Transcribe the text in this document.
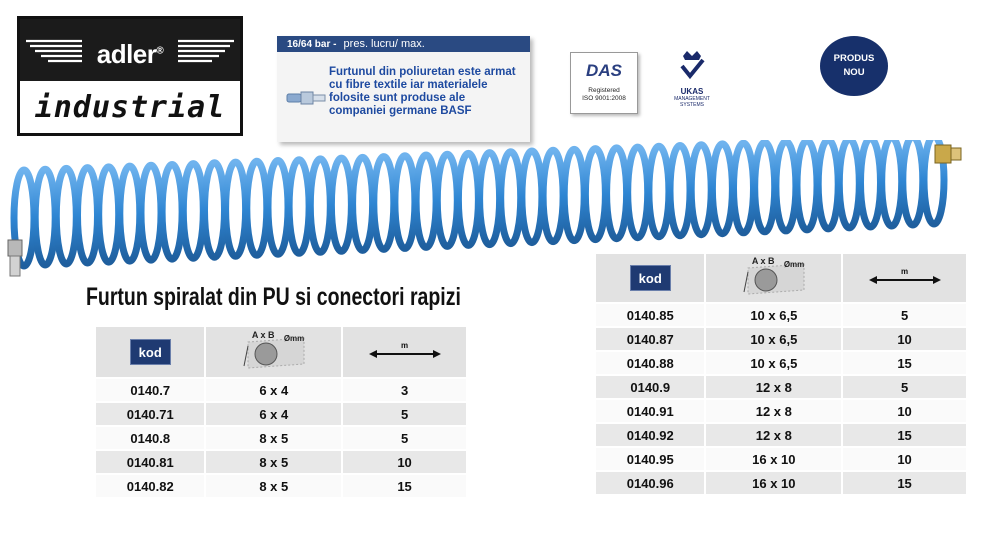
adler®
industrial
16/64 bar - pres. lucru/ max.
Furtunul din poliuretan este armat cu fibre textile iar materialele folosite sunt produse ale companiei germane BASF
DAS
Registered
ISO 9001:2008
UKAS
MANAGEMENT
SYSTEMS
PRODUS
NOU
Furtun spiralat din PU si conectori rapizi
kod	A x B Ømm	m

0140.7	6 x 4	3
0140.71	6 x 4	5
0140.8	8 x 5	5
0140.81	8 x 5	10
0140.82	8 x 5	15
kod	A x B Ømm	m

0140.85	10 x 6,5	5
0140.87	10 x 6,5	10
0140.88	10 x 6,5	15
0140.9	12 x 8	5
0140.91	12 x 8	10
0140.92	12 x 8	15
0140.95	16 x 10	10
0140.96	16 x 10	15
